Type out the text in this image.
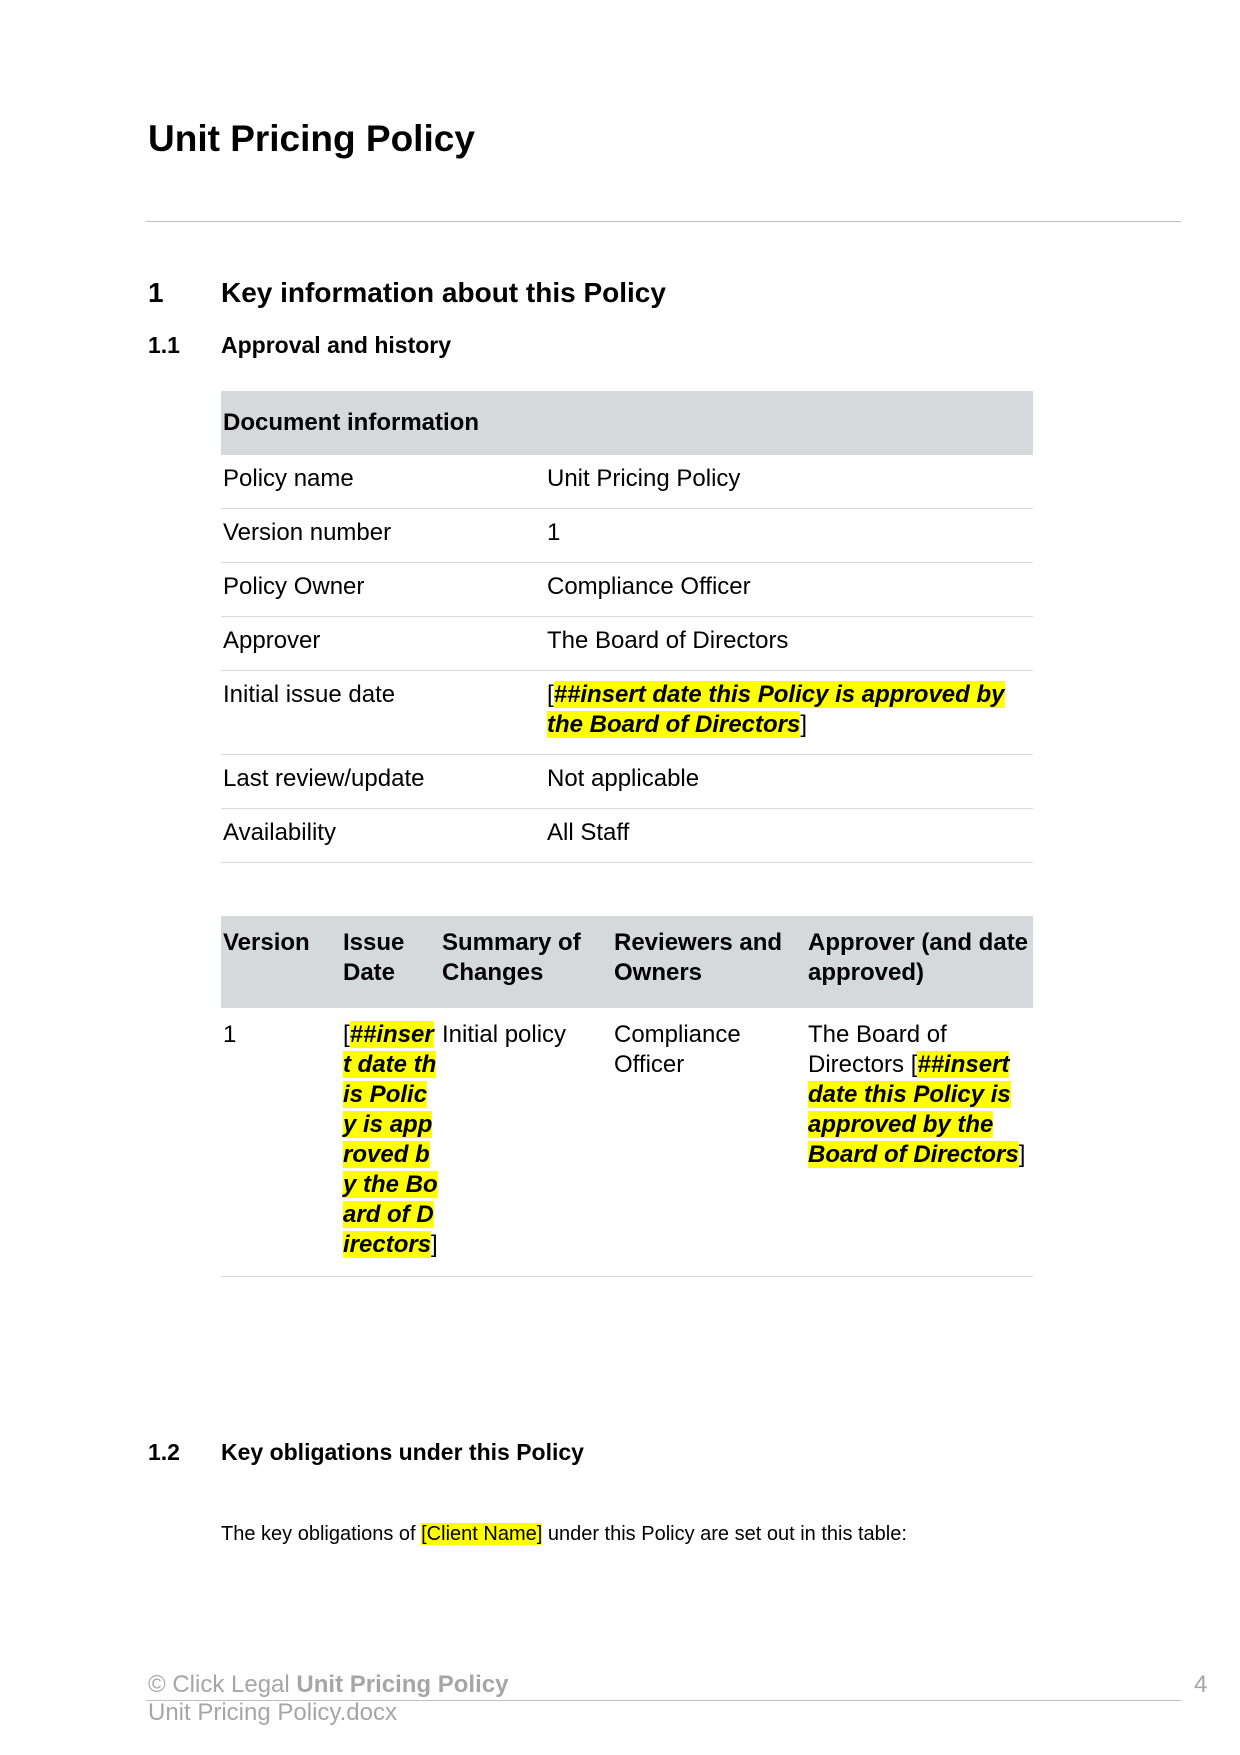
Unit Pricing Policy
1 Key information about this Policy
1.1 Approval and history
Document information	
Policy name	Unit Pricing Policy
Version number	1
Policy Owner	Compliance Officer
Approver	The Board of Directors
Initial issue date	[##insert date this Policy is approved by the Board of Directors]
Last review/update	Not applicable
Availability	All Staff
Version	Issue Date	Summary of Changes	Reviewers and Owners	Approver (and date approved)
1	[##insert date this Policy is approved by the Board of Directors]	Initial policy	Compliance Officer	The Board of Directors [##insert date this Policy is approved by the Board of Directors]
1.2 Key obligations under this Policy

The key obligations of [Client Name] under this Policy are set out in this table:

© Click Legal Unit Pricing Policy
Unit Pricing Policy.docx
4
